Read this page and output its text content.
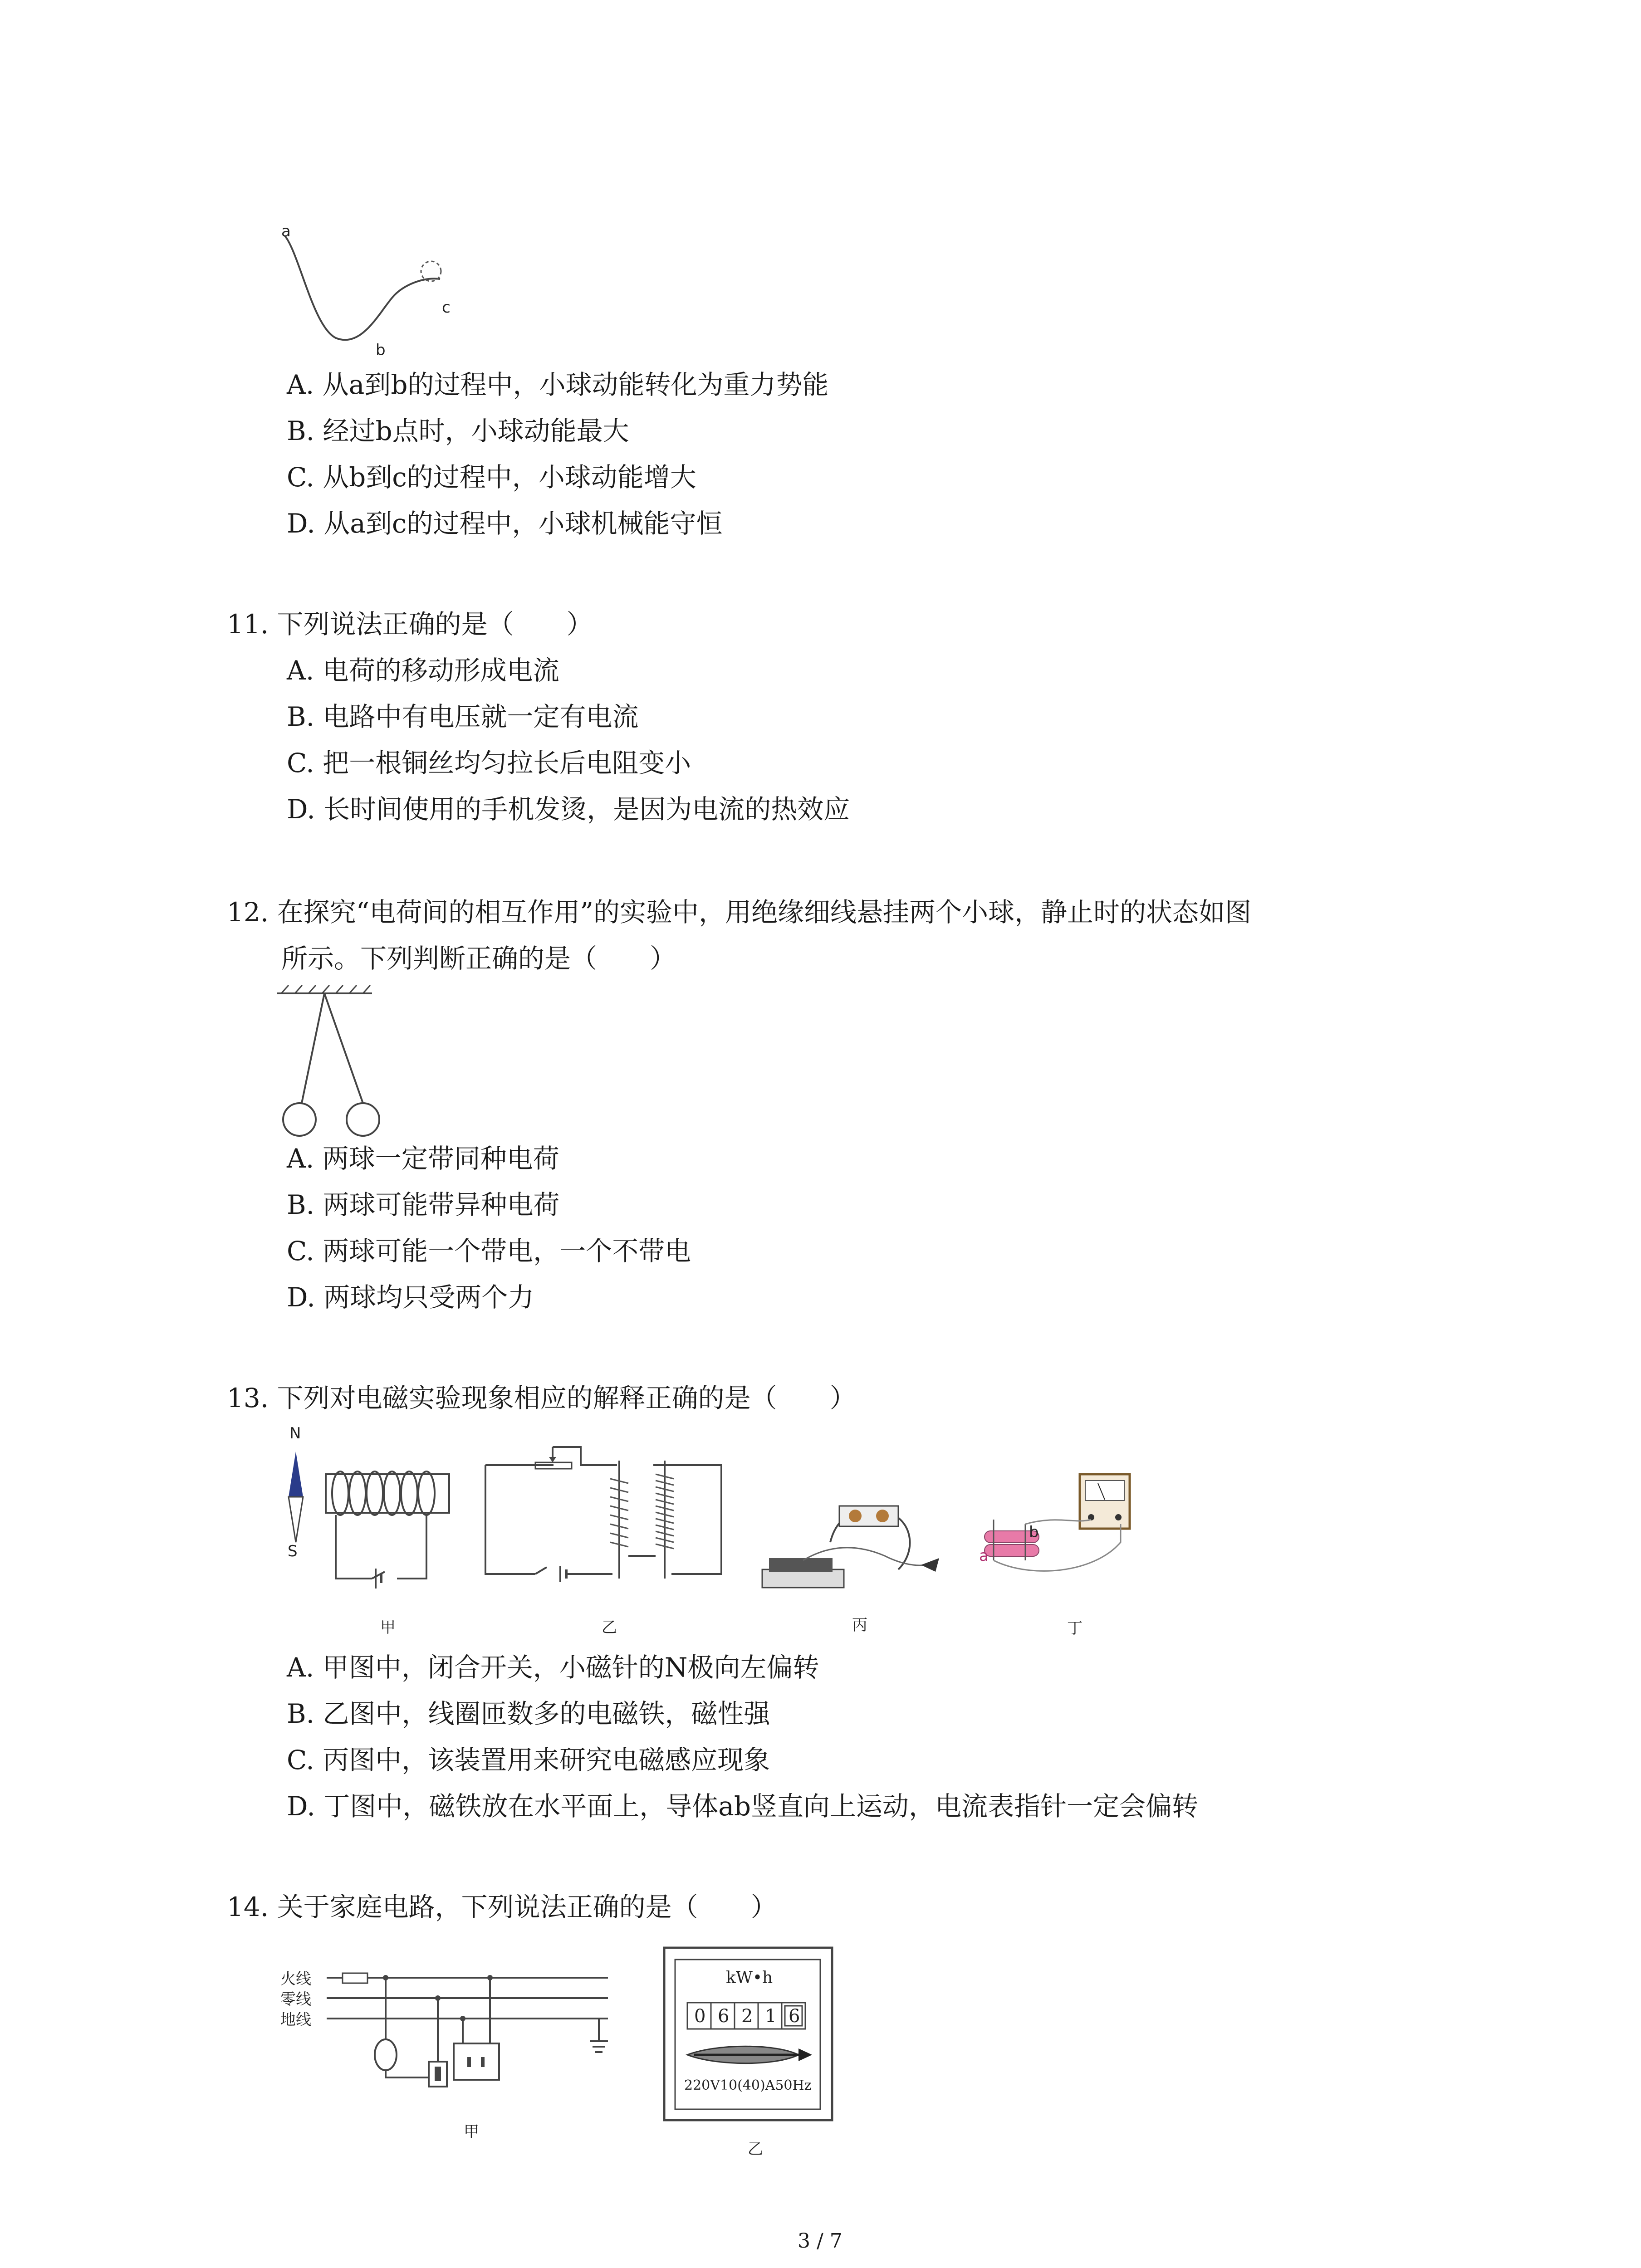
a
b
c
A. 从a到b的过程中，小球动能转化为重力势能
B. 经过b点时，小球动能最大
C. 从b到c的过程中，小球动能增大
D. 从a到c的过程中，小球机械能守恒
11. 下列说法正确的是（　　）
A. 电荷的移动形成电流
B. 电路中有电压就一定有电流
C. 把一根铜丝均匀拉长后电阻变小
D. 长时间使用的手机发烫，是因为电流的热效应
12. 在探究“电荷间的相互作用”的实验中，用绝缘细线悬挂两个小球，静止时的状态如图
所示。下列判断正确的是（　　）
A. 两球一定带同种电荷
B. 两球可能带异种电荷
C. 两球可能一个带电，一个不带电
D. 两球均只受两个力
13. 下列对电磁实验现象相应的解释正确的是（　　）
N
S
甲	乙	丙
a
b
丁
A. 甲图中，闭合开关，小磁针的N极向左偏转
B. 乙图中，线圈匝数多的电磁铁，磁性强
C. 丙图中，该装置用来研究电磁感应现象
D. 丁图中，磁铁放在水平面上，导体ab竖直向上运动，电流表指针一定会偏转
14. 关于家庭电路，下列说法正确的是（　　）
火线
零线
地线
甲
kW•h
0 6 2 1 6
220V10(40)A50Hz
乙
3 / 7
